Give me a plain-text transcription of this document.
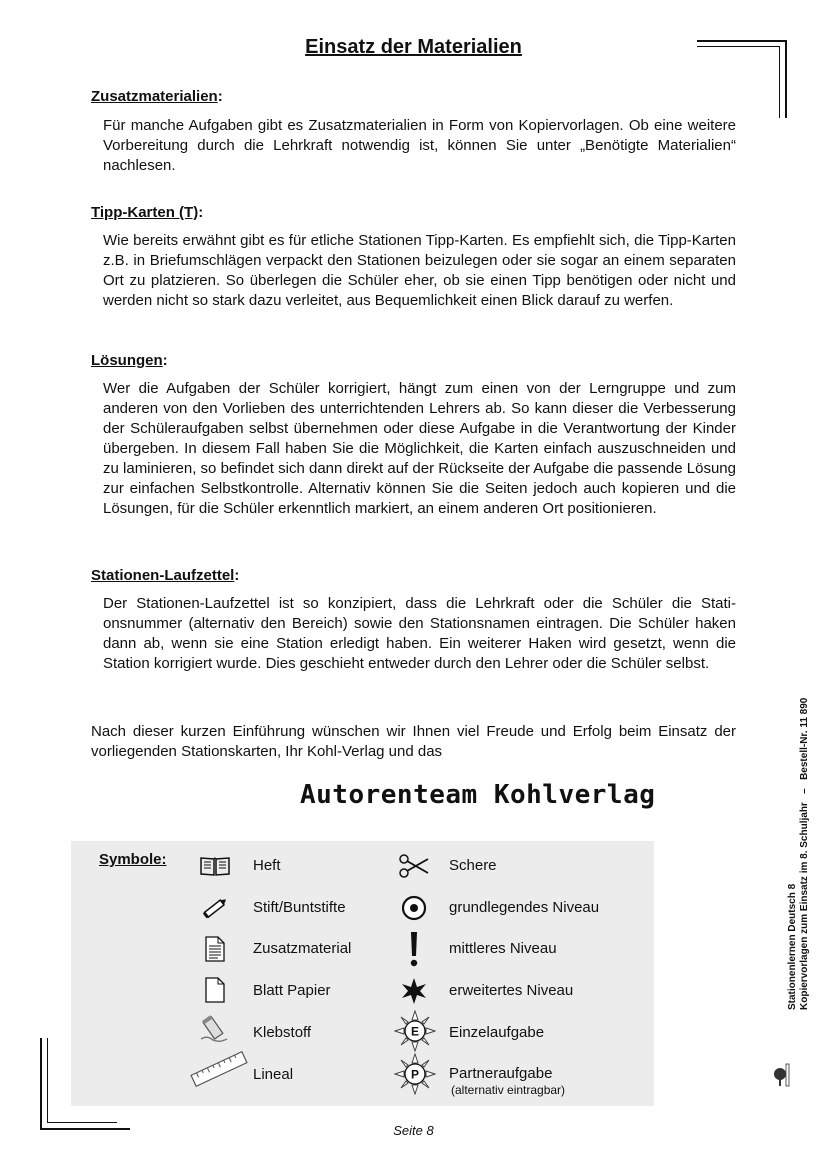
Einsatz der Materialien
Zusatzmaterialien:
Für manche Aufgaben gibt es Zusatzmaterialien in Form von Kopiervorlagen. Ob eine weitere Vorbereitung durch die Lehrkraft notwendig ist, können Sie unter „Benötigte Materialien“ nachlesen.
Tipp-Karten (T):
Wie bereits erwähnt gibt es für etliche Stationen Tipp-Karten. Es empfiehlt sich, die Tipp-Karten z.B. in Briefumschlägen verpackt den Stationen beizulegen oder sie sogar an einem separaten Ort zu platzieren. So überlegen die Schüler eher, ob sie einen Tipp benötigen oder nicht und werden nicht so stark dazu verleitet, aus Bequemlichkeit einen Blick darauf zu werfen.
Lösungen:
Wer die Aufgaben der Schüler korrigiert, hängt zum einen von der Lerngruppe und zum anderen von den Vorlieben des unterrichtenden Lehrers ab. So kann dieser die Verbesserung der Schüleraufgaben selbst übernehmen oder diese Aufgabe in die Verantwortung der Kinder übergeben. In diesem Fall haben Sie die Möglichkeit, die Karten einfach auszuschneiden und zu laminieren, so befindet sich dann direkt auf der Rückseite der Aufgabe die passende Lösung zur einfachen Selbstkontrolle. Alternativ können Sie die Seiten jedoch auch kopieren und die Lösungen, für die Schüler erkenntlich markiert, an einem anderen Ort positionieren.
Stationen-Laufzettel:
Der Stationen-Laufzettel ist so konzipiert, dass die Lehrkraft oder die Schüler die Stationsnummer (alternativ den Bereich) sowie den Stationsnamen eintragen. Die Schüler haken dann ab, wenn sie eine Station erledigt haben. Ein weiterer Haken wird gesetzt, wenn die Station korrigiert wurde. Dies geschieht entweder durch den Lehrer oder die Schüler selbst.
Nach dieser kurzen Einführung wünschen wir Ihnen viel Freude und Erfolg beim Einsatz der vorliegenden Stationskarten, Ihr Kohl-Verlag und das
Autorenteam Kohlverlag
Symbole:	Heft
Stift/Buntstifte
Zusatzmaterial
Blatt Papier
Klebstoff
Lineal
Schere
grundlegendes Niveau
mittleres Niveau
erweitertes Niveau
E Einzelaufgabe
P Partneraufgabe
(alternativ eintragbar)
Seite 8
Stationenlernen Deutsch 8 Kopiervorlagen zum Einsatz im 8. Schuljahr   –   Bestell-Nr. 11 890
